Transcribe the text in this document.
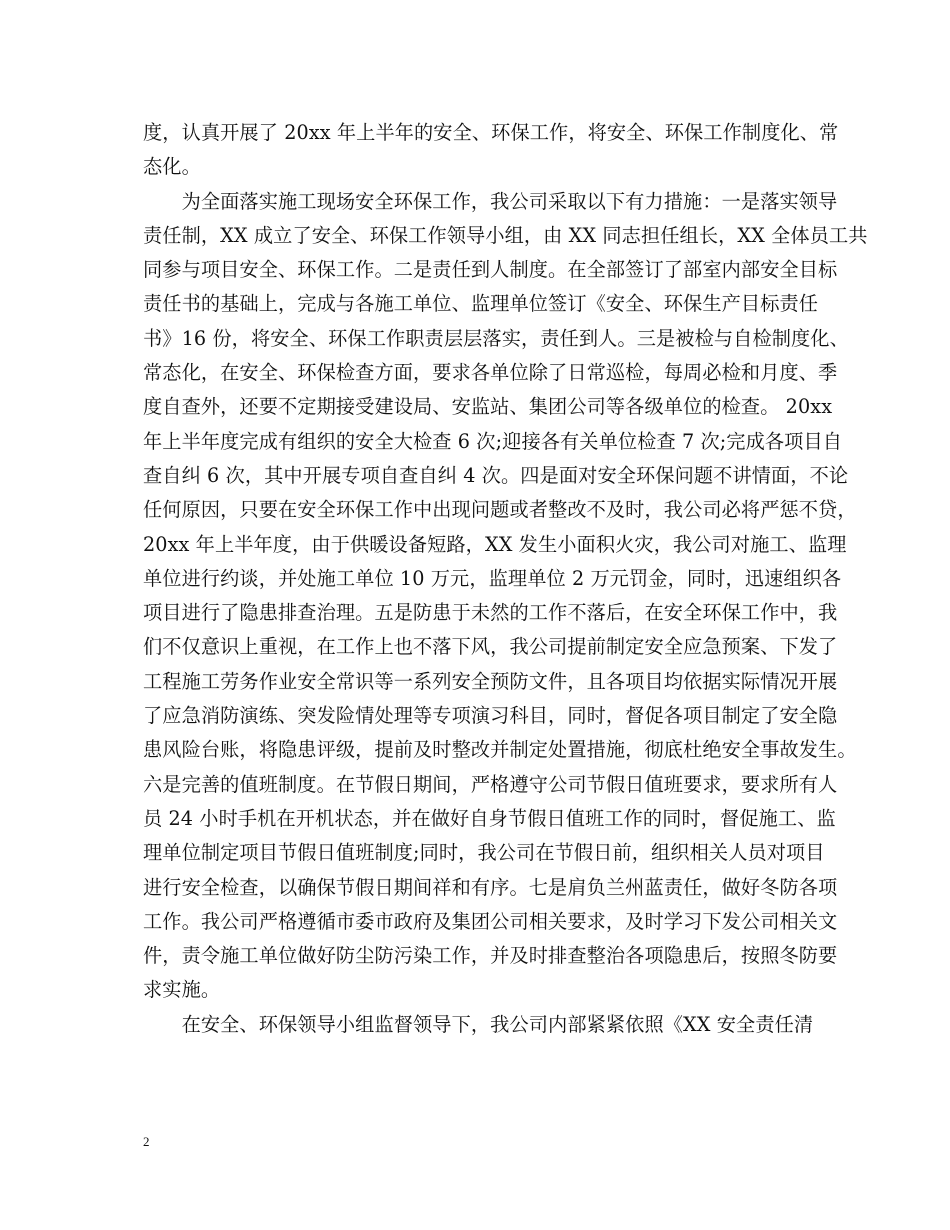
度，认真开展了 20xx 年上半年的安全、环保工作，将安全、环保工作制度化、常
态化。
　　为全面落实施工现场安全环保工作，我公司采取以下有力措施：一是落实领导
责任制，XX 成立了安全、环保工作领导小组，由 XX 同志担任组长，XX 全体员工共
同参与项目安全、环保工作。二是责任到人制度。在全部签订了部室内部安全目标
责任书的基础上，完成与各施工单位、监理单位签订《安全、环保生产目标责任
书》16 份，将安全、环保工作职责层层落实，责任到人。三是被检与自检制度化、
常态化，在安全、环保检查方面，要求各单位除了日常巡检，每周必检和月度、季
度自查外，还要不定期接受建设局、安监站、集团公司等各级单位的检查。 20xx
年上半年度完成有组织的安全大检查 6 次;迎接各有关单位检查 7 次;完成各项目自
查自纠 6 次，其中开展专项自查自纠 4 次。四是面对安全环保问题不讲情面，不论
任何原因，只要在安全环保工作中出现问题或者整改不及时，我公司必将严惩不贷，
20xx 年上半年度，由于供暖设备短路，XX 发生小面积火灾，我公司对施工、监理
单位进行约谈，并处施工单位 10 万元，监理单位 2 万元罚金，同时，迅速组织各
项目进行了隐患排查治理。五是防患于未然的工作不落后，在安全环保工作中，我
们不仅意识上重视，在工作上也不落下风，我公司提前制定安全应急预案、下发了
工程施工劳务作业安全常识等一系列安全预防文件，且各项目均依据实际情况开展
了应急消防演练、突发险情处理等专项演习科目，同时，督促各项目制定了安全隐
患风险台账，将隐患评级，提前及时整改并制定处置措施，彻底杜绝安全事故发生。
六是完善的值班制度。在节假日期间，严格遵守公司节假日值班要求，要求所有人
员 24 小时手机在开机状态，并在做好自身节假日值班工作的同时，督促施工、监
理单位制定项目节假日值班制度;同时，我公司在节假日前，组织相关人员对项目
进行安全检查，以确保节假日期间祥和有序。七是肩负兰州蓝责任，做好冬防各项
工作。我公司严格遵循市委市政府及集团公司相关要求，及时学习下发公司相关文
件，责令施工单位做好防尘防污染工作，并及时排查整治各项隐患后，按照冬防要
求实施。
　　在安全、环保领导小组监督领导下，我公司内部紧紧依照《XX 安全责任清
2
